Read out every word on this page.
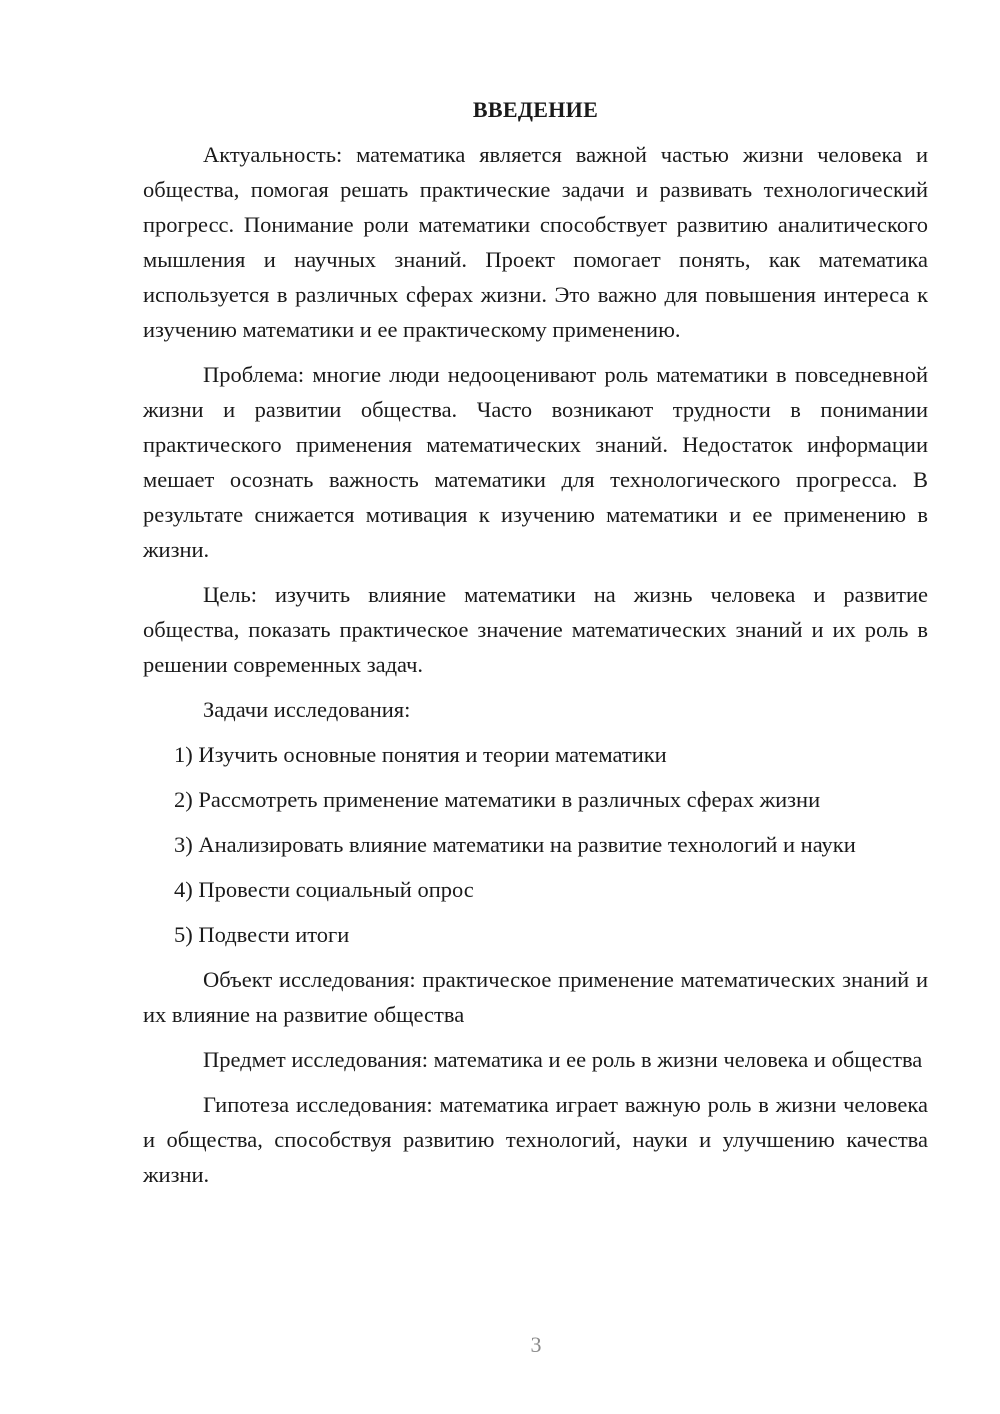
ВВЕДЕНИЕ

Актуальность: математика является важной частью жизни человека и общества, помогая решать практические задачи и развивать технологический прогресс. Понимание роли математики способствует развитию аналитического мышления и научных знаний. Проект помогает понять, как математика используется в различных сферах жизни. Это важно для повышения интереса к изучению математики и ее практическому применению.

Проблема: многие люди недооценивают роль математики в повседневной жизни и развитии общества. Часто возникают трудности в понимании практического применения математических знаний. Недостаток информации мешает осознать важность математики для технологического прогресса. В результате снижается мотивация к изучению математики и ее применению в жизни.

Цель: изучить влияние математики на жизнь человека и развитие общества, показать практическое значение математических знаний и их роль в решении современных задач.

Задачи исследования:

1) Изучить основные понятия и теории математики

2) Рассмотреть применение математики в различных сферах жизни

3) Анализировать влияние математики на развитие технологий и науки

4) Провести социальный опрос

5) Подвести итоги

Объект исследования: практическое применение математических знаний и их влияние на развитие общества

Предмет исследования: математика и ее роль в жизни человека и общества

Гипотеза исследования: математика играет важную роль в жизни человека и общества, способствуя развитию технологий, науки и улучшению качества жизни.

3
